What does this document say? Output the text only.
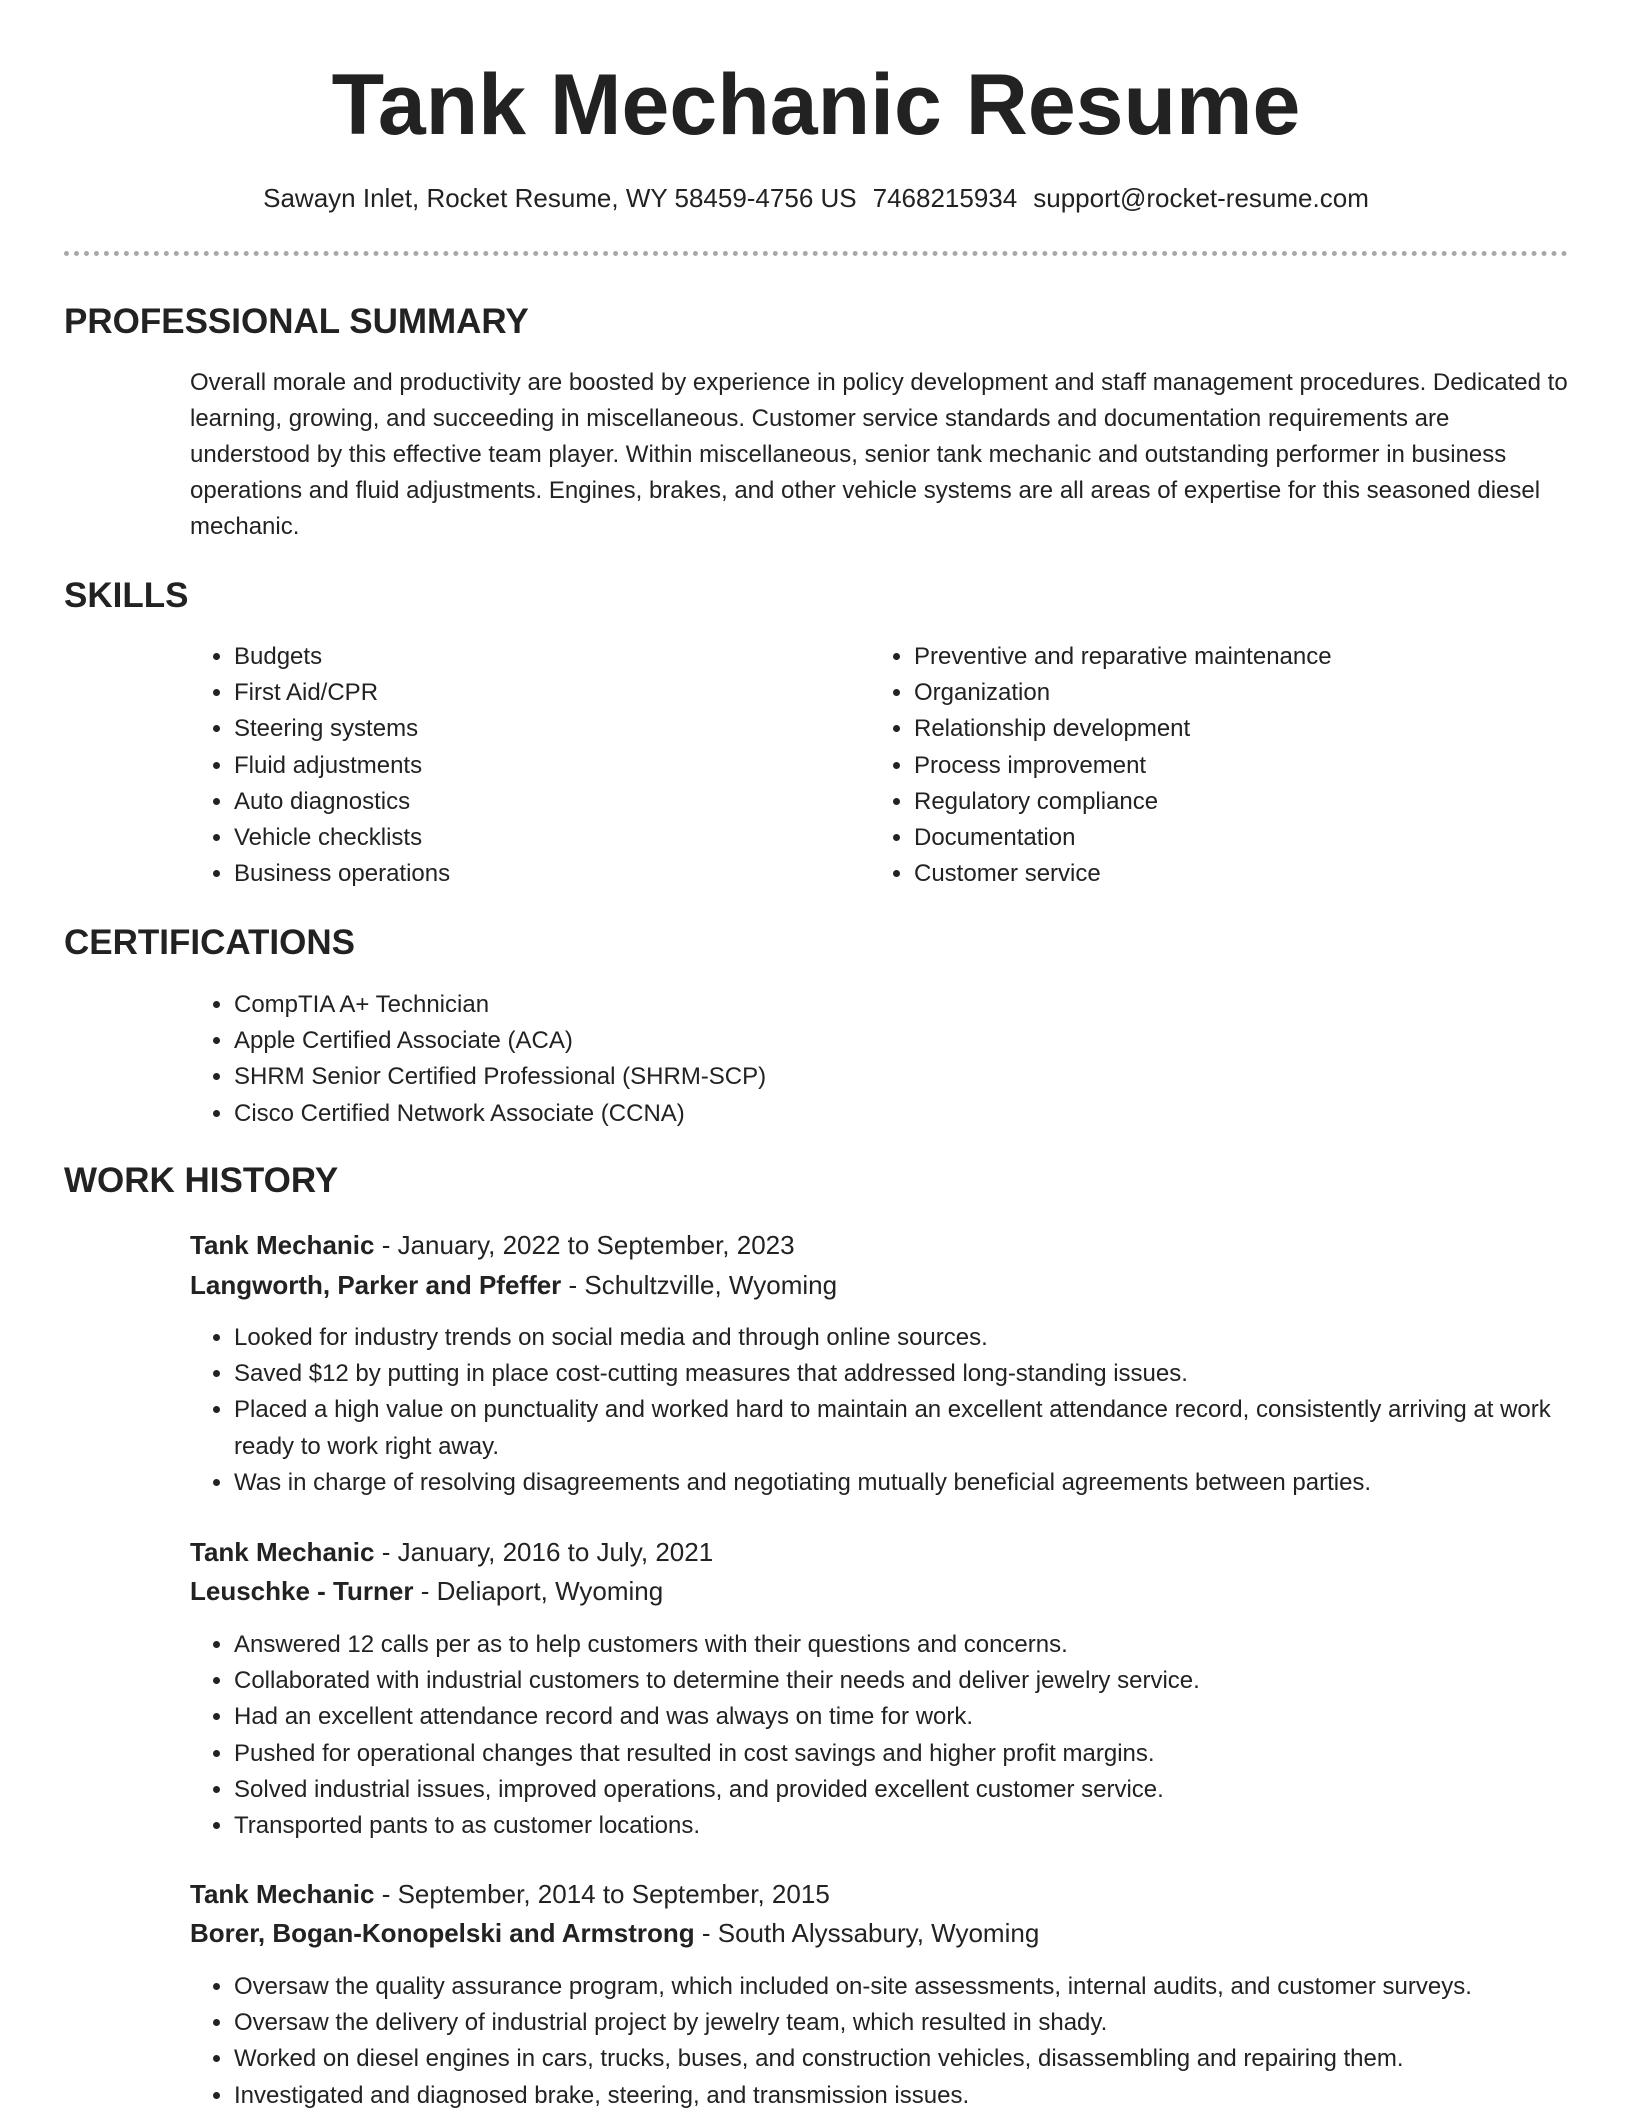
Tank Mechanic Resume
Sawayn Inlet, Rocket Resume, WY 58459-4756 US 7468215934 support@rocket-resume.com
PROFESSIONAL SUMMARY

Overall morale and productivity are boosted by experience in policy development and staff management procedures. Dedicated to learning, growing, and succeeding in miscellaneous. Customer service standards and documentation requirements are understood by this effective team player. Within miscellaneous, senior tank mechanic and outstanding performer in business operations and fluid adjustments. Engines, brakes, and other vehicle systems are all areas of expertise for this seasoned diesel mechanic.

SKILLS
• Budgets
• First Aid/CPR
• Steering systems
• Fluid adjustments
• Auto diagnostics
• Vehicle checklists
• Business operations
• Preventive and reparative maintenance
• Organization
• Relationship development
• Process improvement
• Regulatory compliance
• Documentation
• Customer service
CERTIFICATIONS
• CompTIA A+ Technician
• Apple Certified Associate (ACA)
• SHRM Senior Certified Professional (SHRM-SCP)
• Cisco Certified Network Associate (CCNA)
WORK HISTORY
Tank Mechanic - January, 2022 to September, 2023
Langworth, Parker and Pfeffer - Schultzville, Wyoming
• Looked for industry trends on social media and through online sources.
• Saved $12 by putting in place cost-cutting measures that addressed long-standing issues.
• Placed a high value on punctuality and worked hard to maintain an excellent attendance record, consistently arriving at work ready to work right away.
• Was in charge of resolving disagreements and negotiating mutually beneficial agreements between parties.
Tank Mechanic - January, 2016 to July, 2021
Leuschke - Turner - Deliaport, Wyoming
• Answered 12 calls per as to help customers with their questions and concerns.
• Collaborated with industrial customers to determine their needs and deliver jewelry service.
• Had an excellent attendance record and was always on time for work.
• Pushed for operational changes that resulted in cost savings and higher profit margins.
• Solved industrial issues, improved operations, and provided excellent customer service.
• Transported pants to as customer locations.
Tank Mechanic - September, 2014 to September, 2015
Borer, Bogan-Konopelski and Armstrong - South Alyssabury, Wyoming
• Oversaw the quality assurance program, which included on-site assessments, internal audits, and customer surveys.
• Oversaw the delivery of industrial project by jewelry team, which resulted in shady.
• Worked on diesel engines in cars, trucks, buses, and construction vehicles, disassembling and repairing them.
• Investigated and diagnosed brake, steering, and transmission issues.
